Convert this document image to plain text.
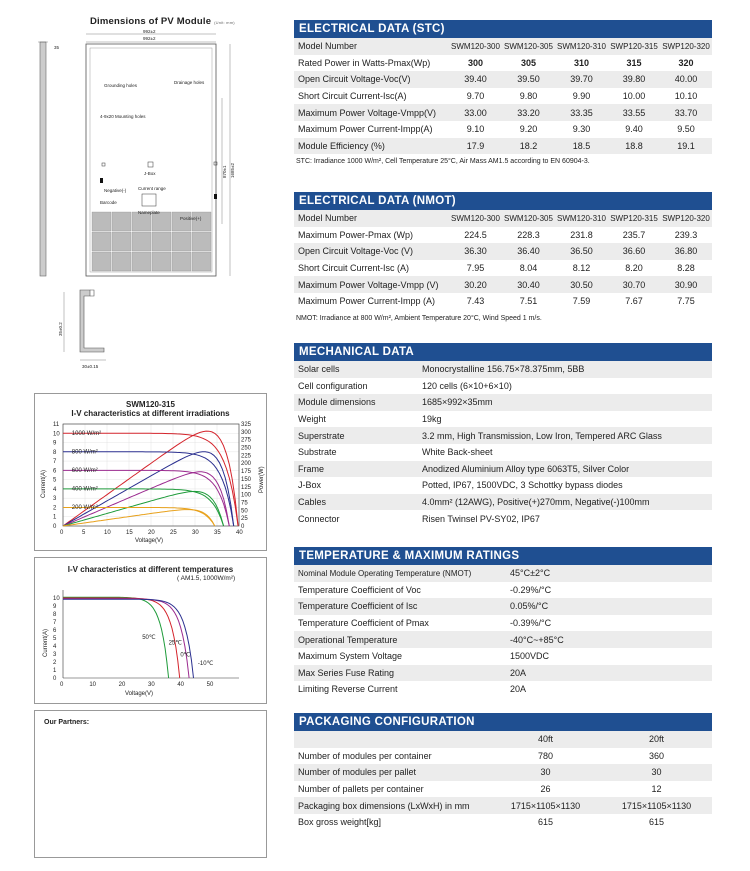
Dimensions of PV Module (Unit: mm)
35
992±2
992±2
870±1 1685±2
Grounding holes
Drainage holes
4-9x20 Mounting holes
J-Box
Negative(-)	Current range
Barcode
Nameplate
Positive(+)
35±0.2
30±0.15
SWM120-315
I-V characteristics at different irradiations
0	5	10	15	20	25	30	35	40
0
1
2
3
4
5
6
7
8
9
10
11
0
25
50
75
100
125
150
175
200
225
250
275
300
325
Voltage(V)
Current(A)	Power(W)
1000 W/m²
800 W/m²
600 W/m²
400 W/m²
200 W/m²
I-V characteristics at different temperatures
( AM1.5, 1000W/m²)
0	10	20	30	40	50
0
1
2
3
4
5
6
7
8
9
10
Voltage(V)
Current(A)	50℃
25℃
0℃
-10℃
Our Partners:
ELECTRICAL DATA (STC)
Model Number	SWM120-300	SWM120-305	SWM120-310	SWP120-315	SWP120-320
Rated Power in Watts-Pmax(Wp)	300	305	310	315	320
Open Circuit Voltage-Voc(V)	39.40	39.50	39.70	39.80	40.00
Short Circuit Current-Isc(A)	9.70	9.80	9.90	10.00	10.10
Maximum Power Voltage-Vmpp(V)	33.00	33.20	33.35	33.55	33.70
Maximum Power Current-Impp(A)	9.10	9.20	9.30	9.40	9.50
Module Efficiency (%)	17.9	18.2	18.5	18.8	19.1
STC: Irradiance 1000 W/m², Cell Temperature 25°C, Air Mass AM1.5 according to EN 60904-3.
ELECTRICAL DATA (NMOT)
Model Number	SWM120-300	SWM120-305	SWM120-310	SWP120-315	SWP120-320
Maximum Power-Pmax (Wp)	224.5	228.3	231.8	235.7	239.3
Open Circuit Voltage-Voc (V)	36.30	36.40	36.50	36.60	36.80
Short Circuit Current-Isc (A)	7.95	8.04	8.12	8.20	8.28
Maximum Power Voltage-Vmpp (V)	30.20	30.40	30.50	30.70	30.90
Maximum Power Current-Impp (A)	7.43	7.51	7.59	7.67	7.75
NMOT: Irradiance at 800 W/m², Ambient Temperature 20°C, Wind Speed 1 m/s.
MECHANICAL DATA
Solar cells	Monocrystalline 156.75×78.375mm, 5BB
Cell configuration	120 cells (6×10+6×10)
Module dimensions	1685×992×35mm
Weight	19kg
Superstrate	3.2 mm, High Transmission, Low Iron, Tempered ARC Glass
Substrate	White Back-sheet
Frame	Anodized Aluminium Alloy type 6063T5, Silver Color
J-Box	Potted, IP67, 1500VDC, 3 Schottky bypass diodes
Cables	4.0mm² (12AWG), Positive(+)270mm, Negative(-)100mm
Connector	Risen Twinsel PV-SY02, IP67
TEMPERATURE & MAXIMUM RATINGS
Nominal Module Operating Temperature (NMOT)	45°C±2°C
Temperature Coefficient of Voc	-0.29%/°C
Temperature Coefficient of Isc	0.05%/°C
Temperature Coefficient of Pmax	-0.39%/°C
Operational Temperature	-40°C~+85°C
Maximum System Voltage	1500VDC
Max Series Fuse Rating	20A
Limiting Reverse Current	20A
PACKAGING CONFIGURATION
	40ft	20ft
Number of modules per container	780	360
Number of modules per pallet	30	30
Number of pallets per container	26	12
Packaging box dimensions (LxWxH) in mm	1715×1105×1130	1715×1105×1130
Box gross weight[kg]	615	615
